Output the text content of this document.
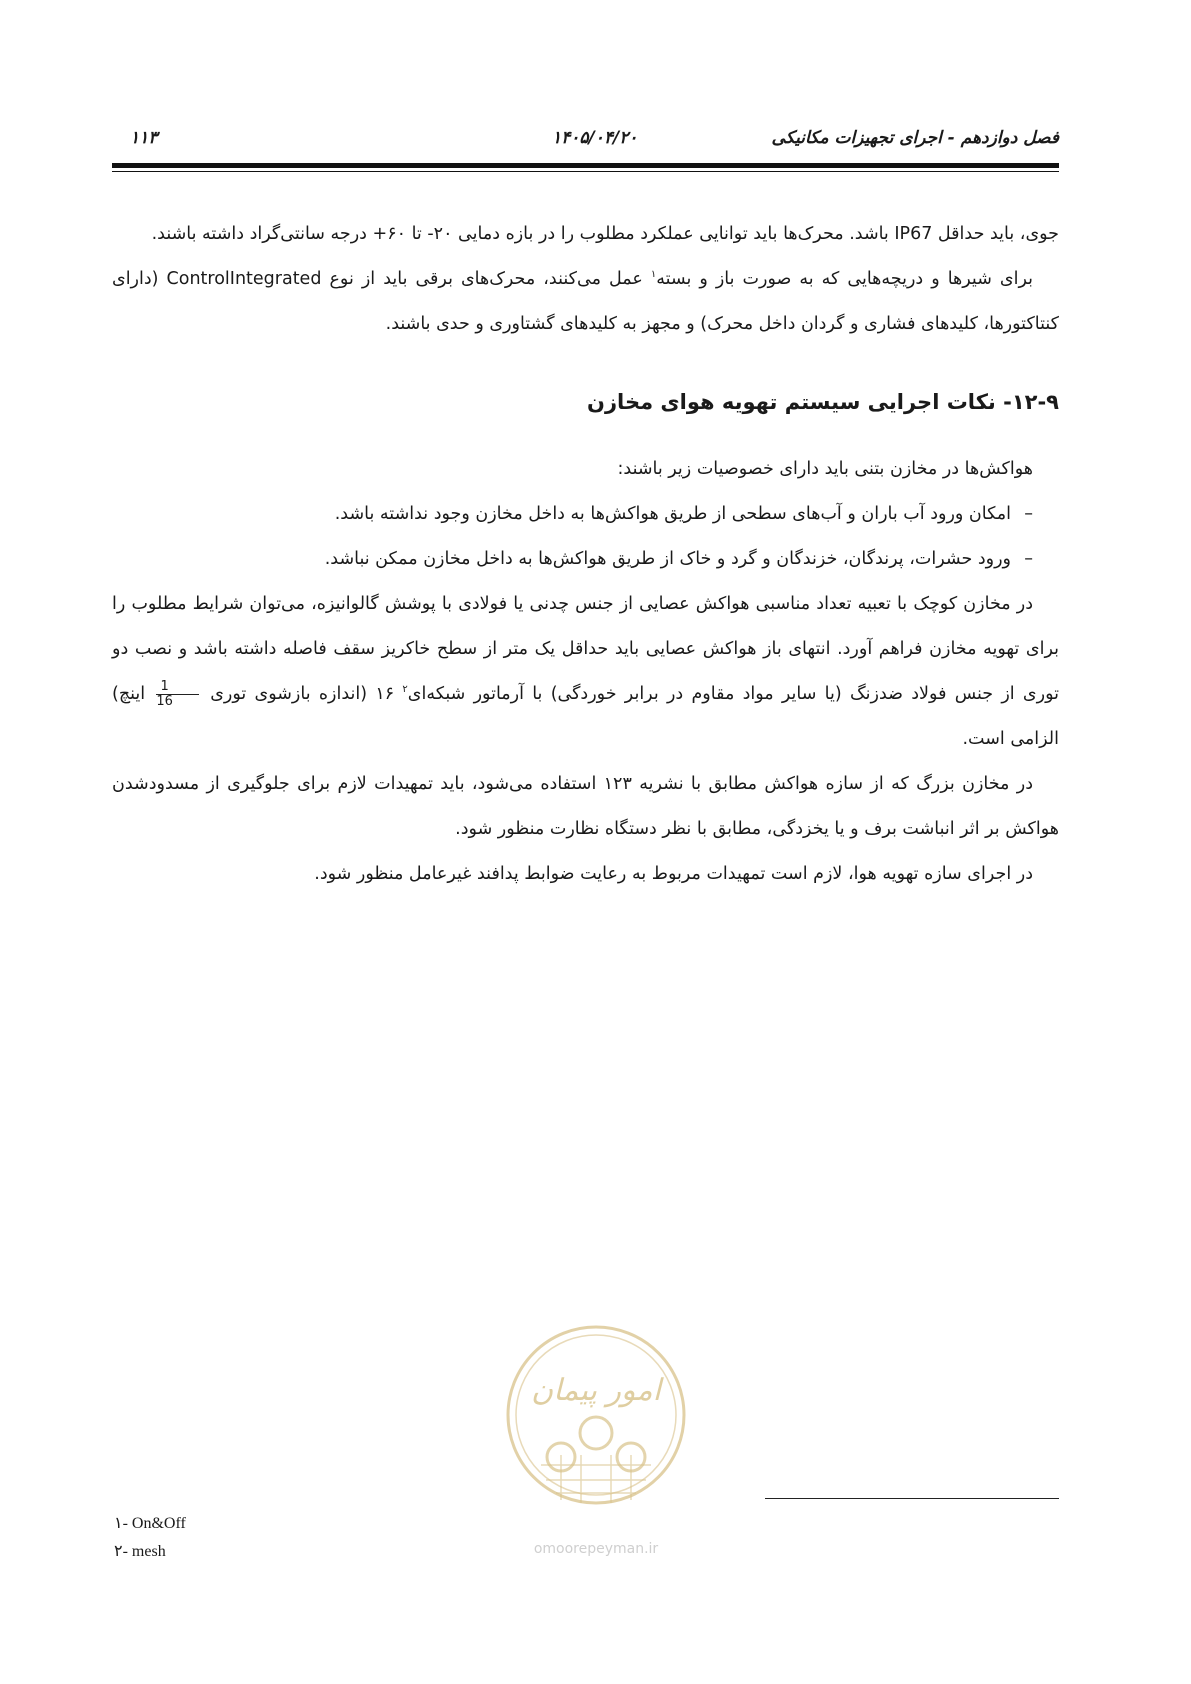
فصل دوازدهم - اجرای تجهیزات مکانیکی
۱۴۰۵/۰۴/۲۰
۱۱۳

جوی، باید حداقل IP67 باشد. محرک‌ها باید توانایی عملکرد مطلوب را در بازه دمایی ۲۰- تا ۶۰+ درجه سانتی‌گراد داشته باشند.

برای شیرها و دریچه‌هایی که به صورت باز و بسته$^۱$ عمل می‌کنند، محرک‌های برقی باید از نوع ControlIntegrated (دارای کنتاکتورها، کلیدهای فشاری و گردان داخل محرک) و مجهز به کلیدهای گشتاوری و حدی باشند.

۱۲-۹- نکات اجرایی سیستم تهویه هوای مخازن

هواکش‌ها در مخازن بتنی باید دارای خصوصیات زیر باشند:

–
امکان ورود آب باران و آب‌های سطحی از طریق هواکش‌ها به داخل مخازن وجود نداشته باشد.

–
ورود حشرات، پرندگان، خزندگان و گرد و خاک از طریق هواکش‌ها به داخل مخازن ممکن نباشد.

در مخازن کوچک با تعبیه تعداد مناسبی هواکش عصایی از جنس چدنی یا فولادی با پوشش گالوانیزه، می‌توان شرایط مطلوب را برای تهویه مخازن فراهم آورد. انتهای باز هواکش عصایی باید حداقل یک متر از سطح خاکریز سقف فاصله داشته باشد و نصب دو توری از جنس فولاد ضدزنگ (یا سایر مواد مقاوم در برابر خوردگی) با آرماتور شبکه‌ای$^۲$ ۱۶ (اندازه بازشوی توری
$\frac{1}{16}$
اینچ) الزامی است.

در مخازن بزرگ که از سازه هواکش مطابق با نشریه ۱۲۳ استفاده می‌شود، باید تمهیدات لازم برای جلوگیری از مسدودشدن هواکش بر اثر انباشت برف و یا یخزدگی، مطابق با نظر دستگاه نظارت منظور شود.

در اجرای سازه تهویه هوا، لازم است تمهیدات مربوط به رعایت ضوابط پدافند غیرعامل منظور شود.

امور پیمان
omoorepeyman.ir
۱- On&Off
۲- mesh
